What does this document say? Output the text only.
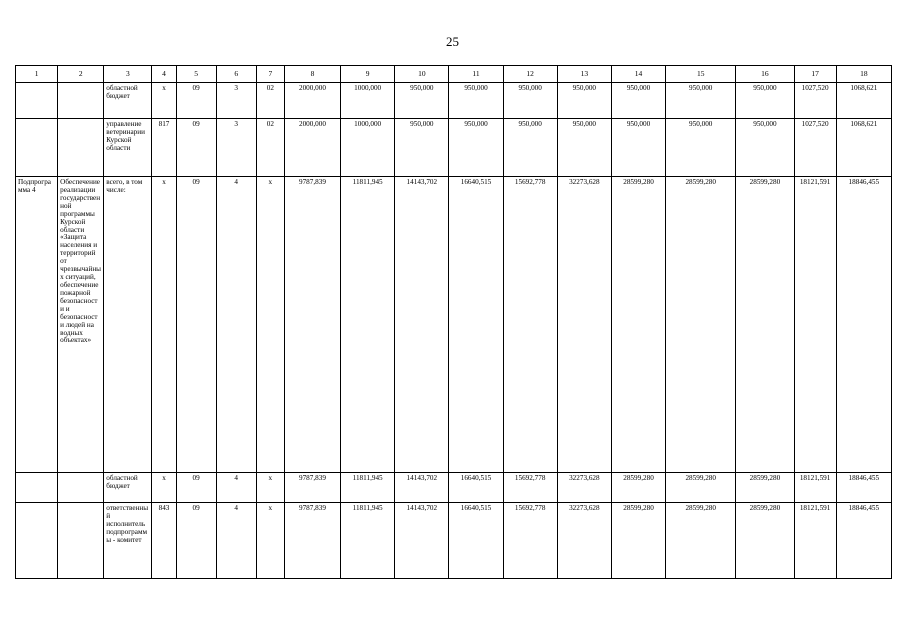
25
1	2	3	4	5	6	7	8	9	10	11	12	13	14	15	16	17	18
		областной бюджет	х	09	3	02	2000,000	1000,000	950,000	950,000	950,000	950,000	950,000	950,000	950,000	1027,520	1068,621
		управление ветеринарии Курской области	817	09	3	02	2000,000	1000,000	950,000	950,000	950,000	950,000	950,000	950,000	950,000	1027,520	1068,621
Подпрограмма 4	Обеспечение реализации государственной программы Курской области «Защита населения и территорий от чрезвычайных ситуаций, обеспечение пожарной безопасности и безопасности людей на водных объектах»	всего, в том числе:	х	09	4	х	9787,839	11811,945	14143,702	16640,515	15692,778	32273,628	28599,280	28599,280	28599,280	18121,591	18846,455
		областной бюджет	х	09	4	х	9787,839	11811,945	14143,702	16640,515	15692,778	32273,628	28599,280	28599,280	28599,280	18121,591	18846,455
		ответственный исполнитель подпрограммы - комитет	843	09	4	х	9787,839	11811,945	14143,702	16640,515	15692,778	32273,628	28599,280	28599,280	28599,280	18121,591	18846,455
